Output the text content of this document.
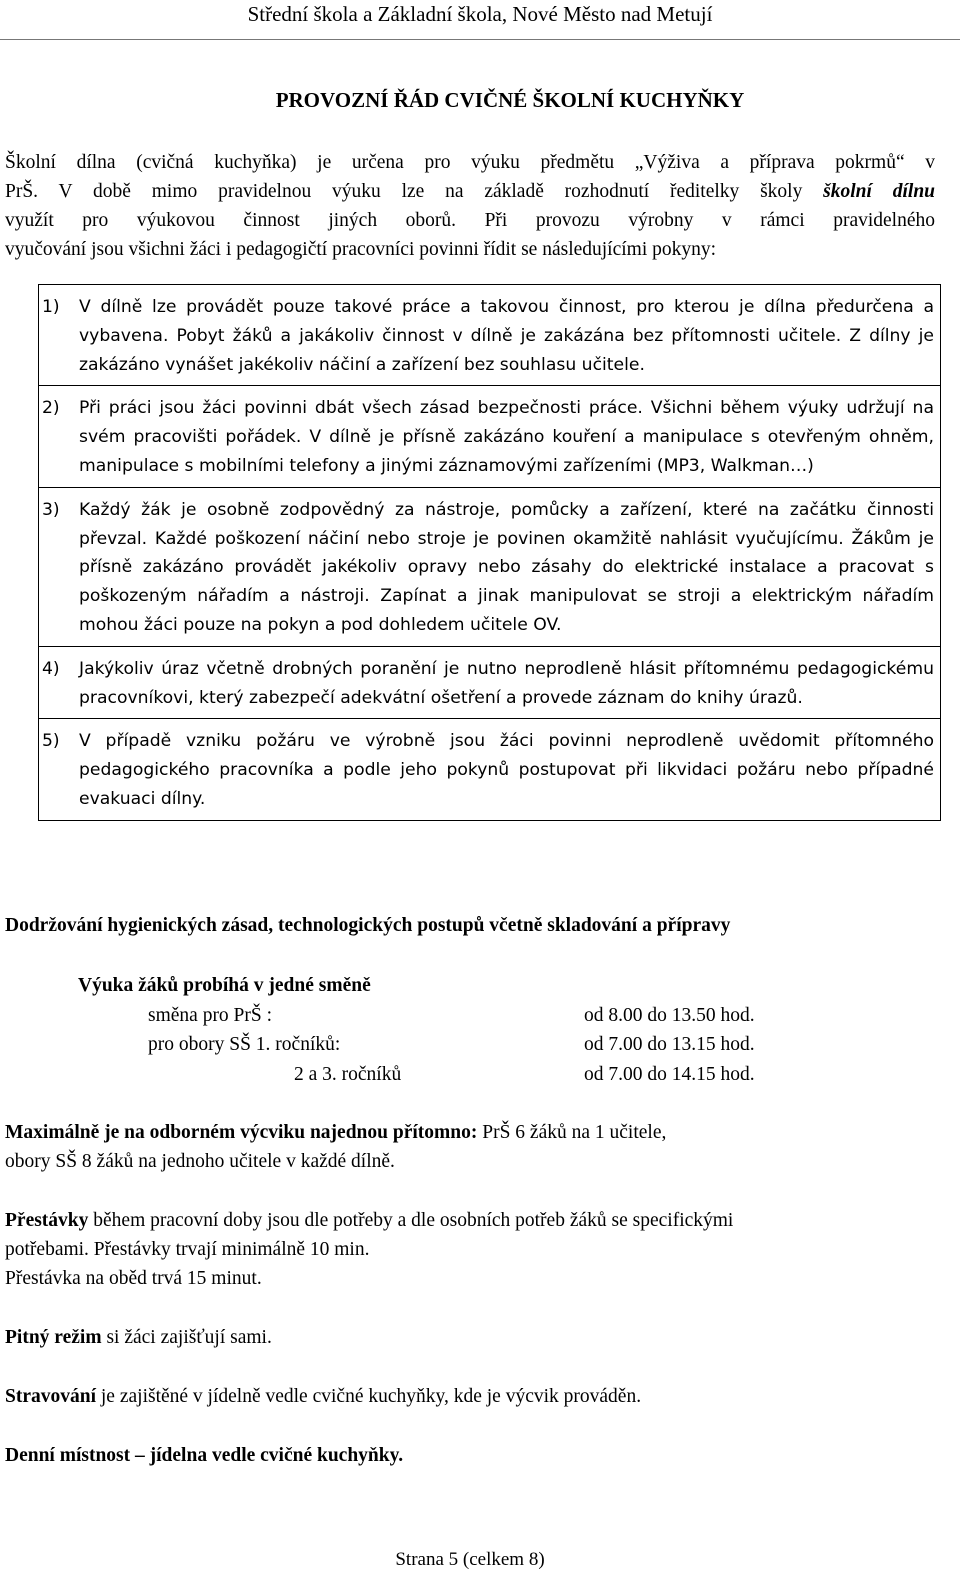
Střední škola a Základní škola, Nové Město nad Metují
PROVOZNÍ ŘÁD CVIČNÉ ŠKOLNÍ KUCHYŇKY

Školní dílna (cvičná kuchyňka) je určena pro výuku předmětu „Výživa a příprava pokrmů“ v

PrŠ. V době mimo pravidelnou výuku lze na základě rozhodnutí ředitelky školy školní dílnu

využít pro výukovou činnost jiných oborů. Při provozu výrobny v rámci pravidelného

vyučování jsou všichni žáci i pedagogičtí pracovníci povinni řídit se následujícími pokyny:

1)	V dílně lze provádět pouze takové práce a takovou činnost, pro kterou je dílna předurčena a vybavena. Pobyt žáků a jakákoliv činnost v dílně je zakázána bez přítomnosti učitele. Z dílny je zakázáno vynášet jakékoliv náčiní a zařízení bez souhlasu učitele.

2)	Při práci jsou žáci povinni dbát všech zásad bezpečnosti práce. Všichni během výuky udržují na svém pracovišti pořádek. V dílně je přísně zakázáno kouření a manipulace s otevřeným ohněm, manipulace s mobilními telefony a jinými záznamovými zařízeními (MP3, Walkman…)

3)	Každý žák je osobně zodpovědný za nástroje, pomůcky a zařízení, které na začátku činnosti převzal. Každé poškození náčiní nebo stroje je povinen okamžitě nahlásit vyučujícímu. Žákům je přísně zakázáno provádět jakékoliv opravy nebo zásahy do elektrické instalace a pracovat s poškozeným nářadím a nástroji. Zapínat a jinak manipulovat se stroji a elektrickým nářadím mohou žáci pouze na pokyn a pod dohledem učitele OV.

4)	Jakýkoliv úraz včetně drobných poranění je nutno neprodleně hlásit přítomnému pedagogickému pracovníkovi, který zabezpečí adekvátní ošetření a provede záznam do knihy úrazů.

5)	V případě vzniku požáru ve výrobně jsou žáci povinni neprodleně uvědomit přítomného pedagogického pracovníka a podle jeho pokynů postupovat při likvidaci požáru nebo případné evakuaci dílny.
Dodržování hygienických zásad, technologických postupů včetně skladování a přípravy
Výuka žáků probíhá v jedné směně
směna pro PrŠ :	od 8.00 do 13.50 hod.
pro obory SŠ 1. ročníků:	od 7.00 do 13.15 hod.
2 a 3. ročníků	od 7.00 do 14.15 hod.
Maximálně je na odborném výcviku najednou přítomno: PrŠ 6 žáků na 1 učitele,
obory SŠ 8 žáků na jednoho učitele v každé dílně.
Přestávky během pracovní doby jsou dle potřeby a dle osobních potřeb žáků se specifickými
potřebami. Přestávky trvají minimálně 10 min.
Přestávka na oběd trvá 15 minut.
Pitný režim si žáci zajišťují sami.
Stravování je zajištěné v jídelně vedle cvičné kuchyňky, kde je výcvik prováděn.
Denní místnost – jídelna vedle cvičné kuchyňky.
Strana 5 (celkem 8)
